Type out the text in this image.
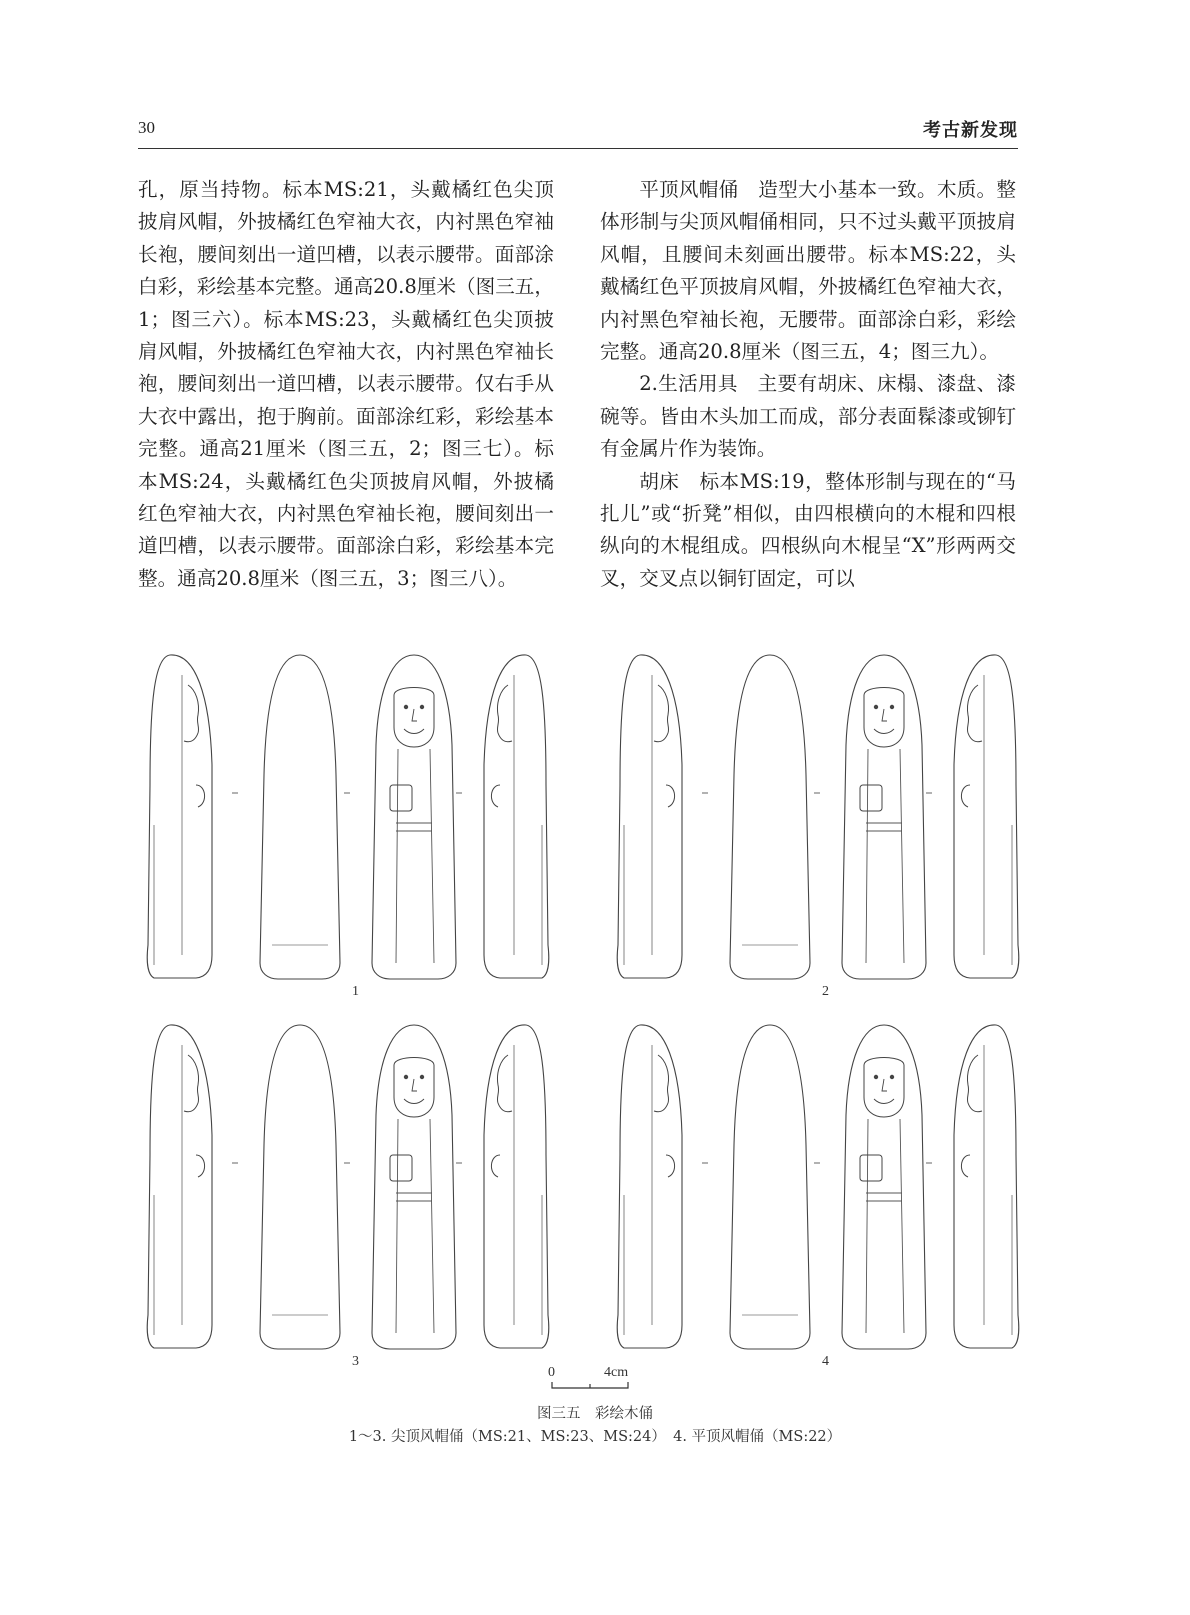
30	考古新发现

孔，原当持物。标本MS:21，头戴橘红色尖顶披肩风帽，外披橘红色窄袖大衣，内衬黑色窄袖长袍，腰间刻出一道凹槽，以表示腰带。面部涂白彩，彩绘基本完整。通高20.8厘米（图三五，1；图三六）。标本MS:23，头戴橘红色尖顶披肩风帽，外披橘红色窄袖大衣，内衬黑色窄袖长袍，腰间刻出一道凹槽，以表示腰带。仅右手从大衣中露出，抱于胸前。面部涂红彩，彩绘基本完整。通高21厘米（图三五，2；图三七）。标本MS:24，头戴橘红色尖顶披肩风帽，外披橘红色窄袖大衣，内衬黑色窄袖长袍，腰间刻出一道凹槽，以表示腰带。面部涂白彩，彩绘基本完整。通高20.8厘米（图三五，3；图三八）。

平顶风帽俑　造型大小基本一致。木质。整体形制与尖顶风帽俑相同，只不过头戴平顶披肩风帽，且腰间未刻画出腰带。标本MS:22，头戴橘红色平顶披肩风帽，外披橘红色窄袖大衣，内衬黑色窄袖长袍，无腰带。面部涂白彩，彩绘完整。通高20.8厘米（图三五，4；图三九）。

2.生活用具　主要有胡床、床榻、漆盘、漆碗等。皆由木头加工而成，部分表面髹漆或铆钉有金属片作为装饰。

胡床　标本MS:19，整体形制与现在的“马扎儿”或“折凳”相似，由四根横向的木棍和四根纵向的木棍组成。四根纵向木棍呈“X”形两两交叉，交叉点以铜钉固定，可以

1	2
3	4
0	4cm
图三五　彩绘木俑
1～3. 尖顶风帽俑（MS:21、MS:23、MS:24）　4. 平顶风帽俑（MS:22）
